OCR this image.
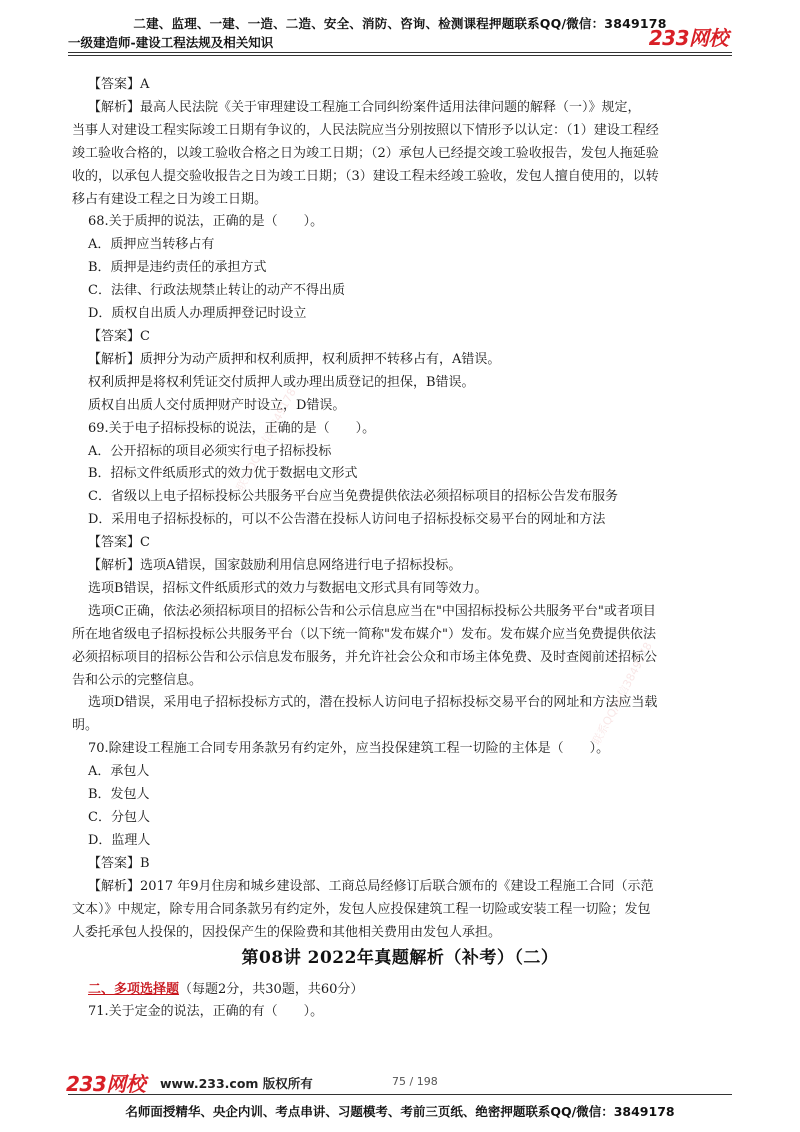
二建、监理、一建、一造、二造、安全、消防、咨询、检测课程押题联系QQ/微信：3849178
一级建造师-建设工程法规及相关知识	233网校
联系QQ/微信3849178
联系QQ/微信3849178
【答案】A
【解析】最高人民法院《关于审理建设工程施工合同纠纷案件适用法律问题的解释（一）》规定，
当事人对建设工程实际竣工日期有争议的，人民法院应当分别按照以下情形予以认定：（1）建设工程经
竣工验收合格的，以竣工验收合格之日为竣工日期；（2）承包人已经提交竣工验收报告，发包人拖延验
收的，以承包人提交验收报告之日为竣工日期；（3）建设工程未经竣工验收，发包人擅自使用的，以转
移占有建设工程之日为竣工日期。
68.关于质押的说法，正确的是（　　）。
A．质押应当转移占有
B．质押是违约责任的承担方式
C．法律、行政法规禁止转让的动产不得出质
D．质权自出质人办理质押登记时设立
【答案】C
【解析】质押分为动产质押和权利质押，权利质押不转移占有，A错误。
权利质押是将权利凭证交付质押人或办理出质登记的担保，B错误。
质权自出质人交付质押财产时设立，D错误。
69.关于电子招标投标的说法，正确的是（　　）。
A．公开招标的项目必须实行电子招标投标
B．招标文件纸质形式的效力优于数据电文形式
C．省级以上电子招标投标公共服务平台应当免费提供依法必须招标项目的招标公告发布服务
D．采用电子招标投标的，可以不公告潜在投标人访问电子招标投标交易平台的网址和方法
【答案】C
【解析】选项A错误，国家鼓励利用信息网络进行电子招标投标。
选项B错误，招标文件纸质形式的效力与数据电文形式具有同等效力。
选项C正确，依法必须招标项目的招标公告和公示信息应当在"中国招标投标公共服务平台"或者项目
所在地省级电子招标投标公共服务平台（以下统一简称"发布媒介"）发布。发布媒介应当免费提供依法
必须招标项目的招标公告和公示信息发布服务，并允许社会公众和市场主体免费、及时查阅前述招标公
告和公示的完整信息。
选项D错误，采用电子招标投标方式的，潜在投标人访问电子招标投标交易平台的网址和方法应当载
明。
70.除建设工程施工合同专用条款另有约定外，应当投保建筑工程一切险的主体是（　　）。
A．承包人
B．发包人
C．分包人
D．监理人
【答案】B
【解析】2017 年9月住房和城乡建设部、工商总局经修订后联合颁布的《建设工程施工合同（示范
文本）》中规定，除专用合同条款另有约定外，发包人应投保建筑工程一切险或安装工程一切险；发包
人委托承包人投保的，因投保产生的保险费和其他相关费用由发包人承担。
第08讲 2022年真题解析（补考）（二）
二、多项选择题（每题2分，共30题，共60分）
71.关于定金的说法，正确的有（　　）。
233网校 www.233.com 版权所有	75 / 198
名师面授精华、央企内训、考点串讲、习题模考、考前三页纸、绝密押题联系QQ/微信：3849178
